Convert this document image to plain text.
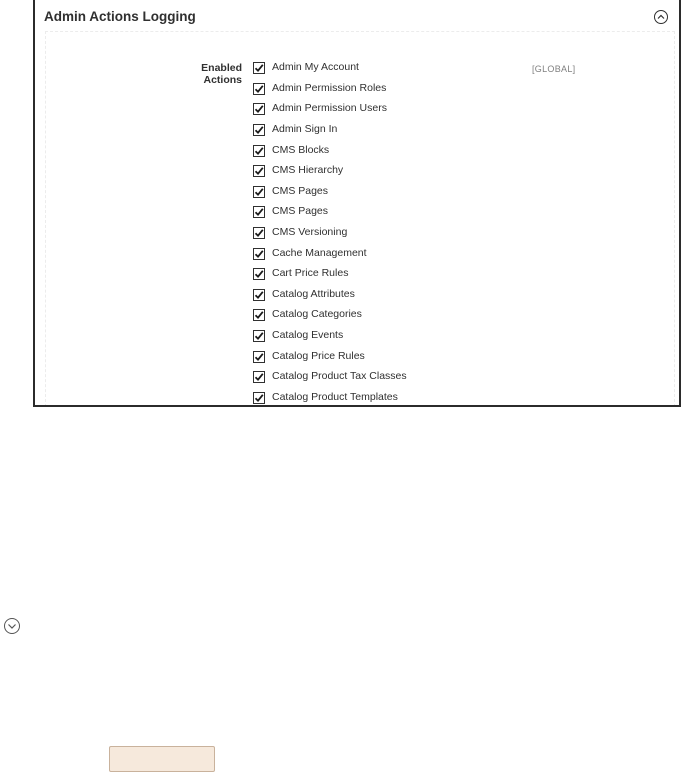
Admin Actions Logging
Enabled Actions
[GLOBAL]
Admin My Account
Admin Permission Roles
Admin Permission Users
Admin Sign In
CMS Blocks
CMS Hierarchy
CMS Pages
CMS Pages
CMS Versioning
Cache Management
Cart Price Rules
Catalog Attributes
Catalog Categories
Catalog Events
Catalog Price Rules
Catalog Product Tax Classes
Catalog Product Templates
